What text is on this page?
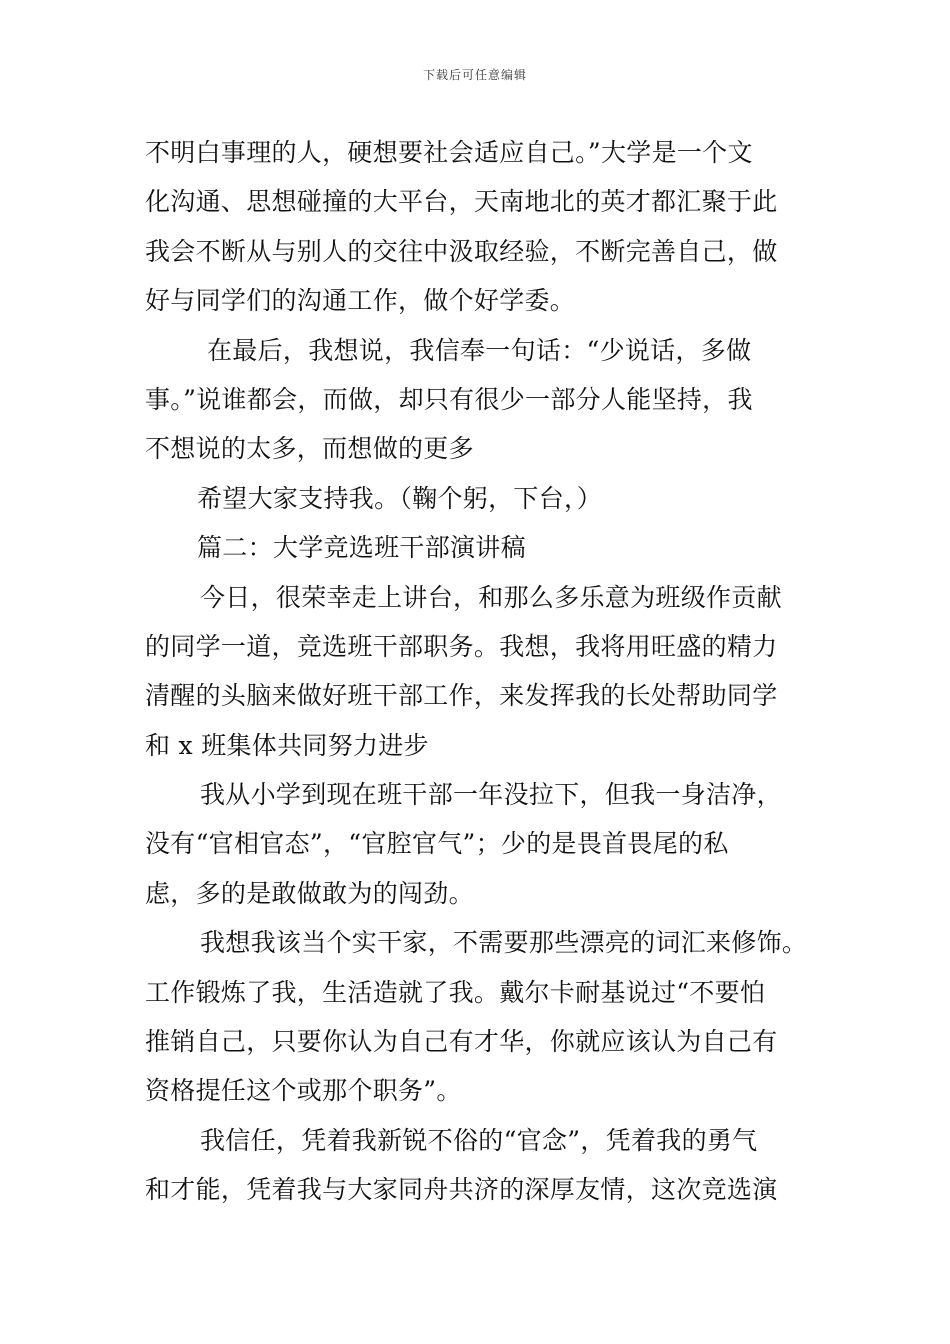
下载后可任意编辑
不明白事理的人，硬想要社会适应自己。”大学是一个文
化沟通、思想碰撞的大平台，天南地北的英才都汇聚于此
我会不断从与别人的交往中汲取经验，不断完善自己，做
好与同学们的沟通工作，做个好学委。
在最后，我想说，我信奉一句话：“少说话，多做
事。”说谁都会，而做，却只有很少一部分人能坚持，我
不想说的太多，而想做的更多
希望大家支持我。（鞠个躬，下台，）
篇二：大学竞选班干部演讲稿
今日，很荣幸走上讲台，和那么多乐意为班级作贡献
的同学一道，竞选班干部职务。我想，我将用旺盛的精力
清醒的头脑来做好班干部工作，来发挥我的长处帮助同学
和 x 班集体共同努力进步
我从小学到现在班干部一年没拉下，但我一身洁净，
没有“官相官态”，“官腔官气”；少的是畏首畏尾的私
虑，多的是敢做敢为的闯劲。
我想我该当个实干家，不需要那些漂亮的词汇来修饰。
工作锻炼了我，生活造就了我。戴尔卡耐基说过“不要怕
推销自己，只要你认为自己有才华，你就应该认为自己有
资格提任这个或那个职务”。
我信任，凭着我新锐不俗的“官念”，凭着我的勇气
和才能，凭着我与大家同舟共济的深厚友情，这次竞选演
